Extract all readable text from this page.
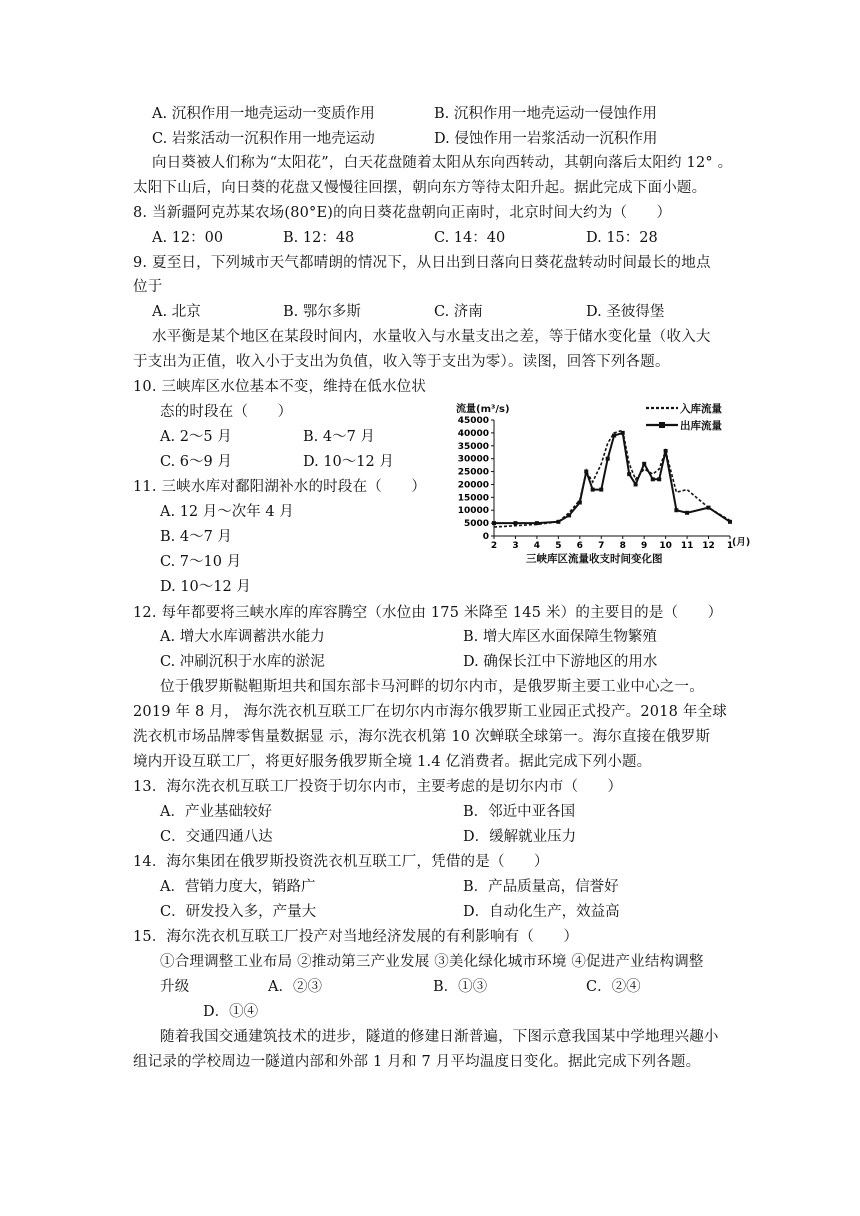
A. 沉积作用一地壳运动一变质作用	B. 沉积作用一地壳运动一侵蚀作用
C. 岩浆活动一沉积作用一地壳运动	D. 侵蚀作用一岩浆活动一沉积作用
向日葵被人们称为“太阳花”，白天花盘随着太阳从东向西转动，其朝向落后太阳约 12° 。
太阳下山后，向日葵的花盘又慢慢往回摆，朝向东方等待太阳升起。据此完成下面小题。
8. 当新疆阿克苏某农场(80°E)的向日葵花盘朝向正南时，北京时间大约为（　　）
A. 12：00	B. 12：48	C. 14：40	D. 15：28
9. 夏至日，下列城市天气都晴朗的情况下，从日出到日落向日葵花盘转动时间最长的地点
位于
A. 北京	B. 鄂尔多斯	C. 济南	D. 圣彼得堡
水平衡是某个地区在某段时间内，水量收入与水量支出之差，等于储水变化量（收入大
于支出为正值，收入小于支出为负值，收入等于支出为零）。读图，回答下列各题。
10. 三峡库区水位基本不变，维持在低水位状
态的时段在（　　）
A. 2～5 月	B. 4～7 月
C. 6～9 月	D. 10～12 月
11. 三峡水库对鄱阳湖补水的时段在（　　）
A. 12 月～次年 4 月
B. 4～7 月
C. 7～10 月
D. 10～12 月
流量(m³/s)
0
5000
10000
15000
20000
25000
30000
35000
40000
45000
2 3 4 5 6 7 8 9 10 11 12 1
入库流量
出库流量
(月)
三峡库区流量收支时间变化图
12. 每年都要将三峡水库的库容腾空（水位由 175 米降至 145 米）的主要目的是（　　）
A. 增大水库调蓄洪水能力	B. 增大库区水面保障生物繁殖
C. 冲刷沉积于水库的淤泥	D. 确保长江中下游地区的用水
位于俄罗斯鞑靼斯坦共和国东部卡马河畔的切尔内市，是俄罗斯主要工业中心之一。
2019 年 8 月， 海尔洗衣机互联工厂在切尔内市海尔俄罗斯工业园正式投产。2018 年全球
洗衣机市场品牌零售量数据显 示，海尔洗衣机第 10 次蝉联全球第一。海尔直接在俄罗斯
境内开设互联工厂，将更好服务俄罗斯全境 1.4 亿消费者。据此完成下列小题。
13．海尔洗衣机互联工厂投资于切尔内市，主要考虑的是切尔内市（　　）
A．产业基础较好	B．邻近中亚各国
C．交通四通八达	D．缓解就业压力
14．海尔集团在俄罗斯投资洗衣机互联工厂，凭借的是（　　）
A．营销力度大，销路广	B．产品质量高，信誉好
C．研发投入多，产量大	D．自动化生产，效益高
15．海尔洗衣机互联工厂投产对当地经济发展的有利影响有（　　）
①合理调整工业布局 ②推动第三产业发展 ③美化绿化城市环境 ④促进产业结构调整
升级	A．②③	B．①③	C．②④
D．①④
随着我国交通建筑技术的进步，隧道的修建日渐普遍，下图示意我国某中学地理兴趣小
组记录的学校周边一隧道内部和外部 1 月和 7 月平均温度日变化。据此完成下列各题。
